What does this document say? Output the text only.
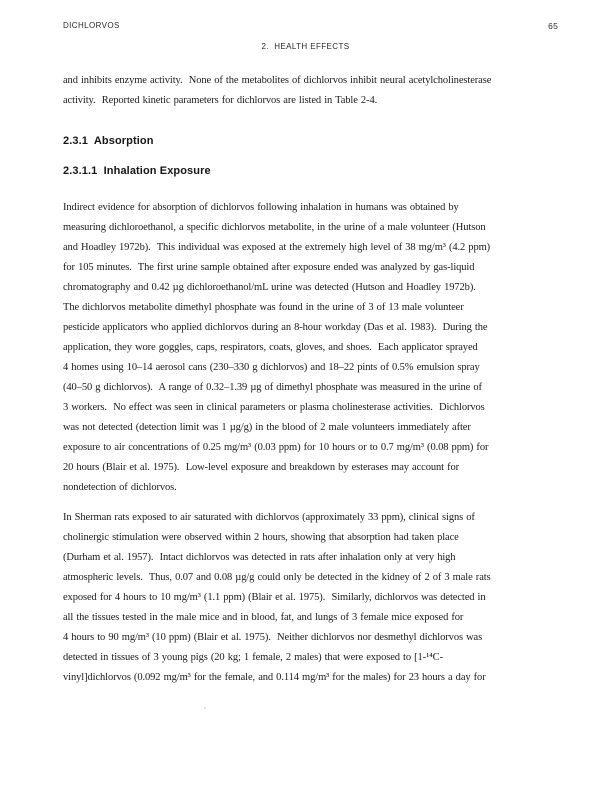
DICHLORVOS	65
2.  HEALTH EFFECTS
and inhibits enzyme activity.  None of the metabolites of dichlorvos inhibit neural acetylcholinesterase
activity.  Reported kinetic parameters for dichlorvos are listed in Table 2-4.
2.3.1  Absorption
2.3.1.1  Inhalation Exposure
Indirect evidence for absorption of dichlorvos following inhalation in humans was obtained by
measuring dichloroethanol, a specific dichlorvos metabolite, in the urine of a male volunteer (Hutson
and Hoadley 1972b).  This individual was exposed at the extremely high level of 38 mg/m³ (4.2 ppm)
for 105 minutes.  The first urine sample obtained after exposure ended was analyzed by gas-liquid
chromatography and 0.42 µg dichloroethanol/mL urine was detected (Hutson and Hoadley 1972b).
The dichlorvos metabolite dimethyl phosphate was found in the urine of 3 of 13 male volunteer
pesticide applicators who applied dichlorvos during an 8-hour workday (Das et al. 1983).  During the
application, they wore goggles, caps, respirators, coats, gloves, and shoes.  Each applicator sprayed
4 homes using 10–14 aerosol cans (230–330 g dichlorvos) and 18–22 pints of 0.5% emulsion spray
(40–50 g dichlorvos).  A range of 0.32–1.39 µg of dimethyl phosphate was measured in the urine of
3 workers.  No effect was seen in clinical parameters or plasma cholinesterase activities.  Dichlorvos
was not detected (detection limit was 1 µg/g) in the blood of 2 male volunteers immediately after
exposure to air concentrations of 0.25 mg/m³ (0.03 ppm) for 10 hours or to 0.7 mg/m³ (0.08 ppm) for
20 hours (Blair et al. 1975).  Low-level exposure and breakdown by esterases may account for
nondetection of dichlorvos.
In Sherman rats exposed to air saturated with dichlorvos (approximately 33 ppm), clinical signs of
cholinergic stimulation were observed within 2 hours, showing that absorption had taken place
(Durham et al. 1957).  Intact dichlorvos was detected in rats after inhalation only at very high
atmospheric levels.  Thus, 0.07 and 0.08 µg/g could only be detected in the kidney of 2 of 3 male rats
exposed for 4 hours to 10 mg/m³ (1.1 ppm) (Blair et al. 1975).  Similarly, dichlorvos was detected in
all the tissues tested in the male mice and in blood, fat, and lungs of 3 female mice exposed for
4 hours to 90 mg/m³ (10 ppm) (Blair et al. 1975).  Neither dichlorvos nor desmethyl dichlorvos was
detected in tissues of 3 young pigs (20 kg; 1 female, 2 males) that were exposed to [1-¹⁴C-
vinyl]dichlorvos (0.092 mg/m³ for the female, and 0.114 mg/m³ for the males) for 23 hours a day for
